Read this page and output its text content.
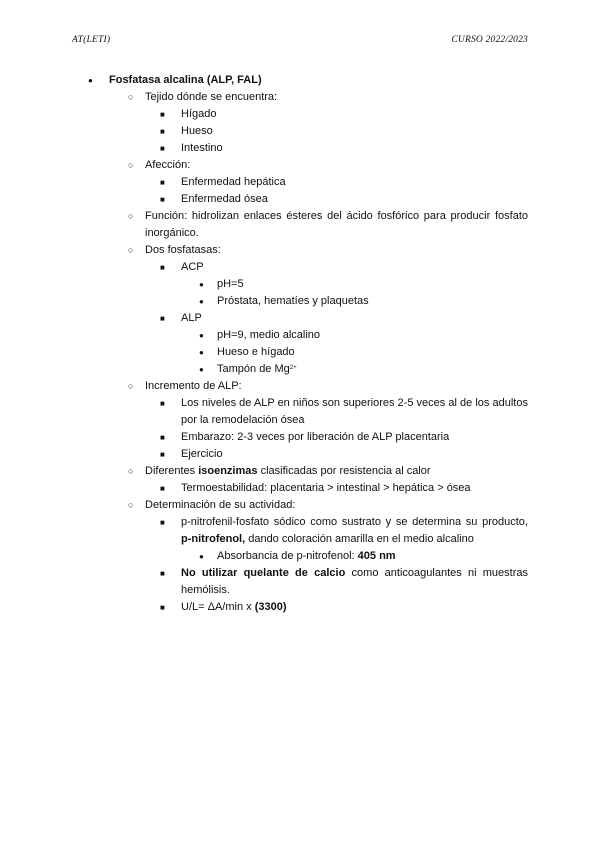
AT(LETI)	CURSO 2022/2023
●	Fosfatasa alcalina (ALP, FAL)
○	Tejido dónde se encuentra:
■	Hígado
■	Hueso
■	Intestino
○	Afección:
■	Enfermedad hepática
■	Enfermedad ósea
○	Función: hidrolizan enlaces ésteres del ácido fosfórico para producir fosfato inorgánico.
○	Dos fosfatasas:
■	ACP
●	pH=5
●	Próstata, hematíes y plaquetas
■	ALP
●	pH=9, medio alcalino
●	Hueso e hígado
●	Tampón de $Mg^{2+}$
○	Incremento de ALP:
■	Los niveles de ALP en niños son superiores 2-5 veces al de los adultos por la remodelación ósea
■	Embarazo: 2-3 veces por liberación de ALP placentaria
■	Ejercicio
○	Diferentes isoenzimas clasificadas por resistencia al calor
■	Termoestabilidad: placentaria > intestinal > hepática > ósea
○	Determinación de su actividad:
■	p-nitrofenil-fosfato sódico como sustrato y se determina su producto, p-nitrofenol, dando coloración amarilla en el medio alcalino
●	Absorbancia de p-nitrofenol: 405 nm
■	No utilizar quelante de calcio como anticoagulantes ni muestras hemólisis.
■	U/L= ΔA/min x (3300)
